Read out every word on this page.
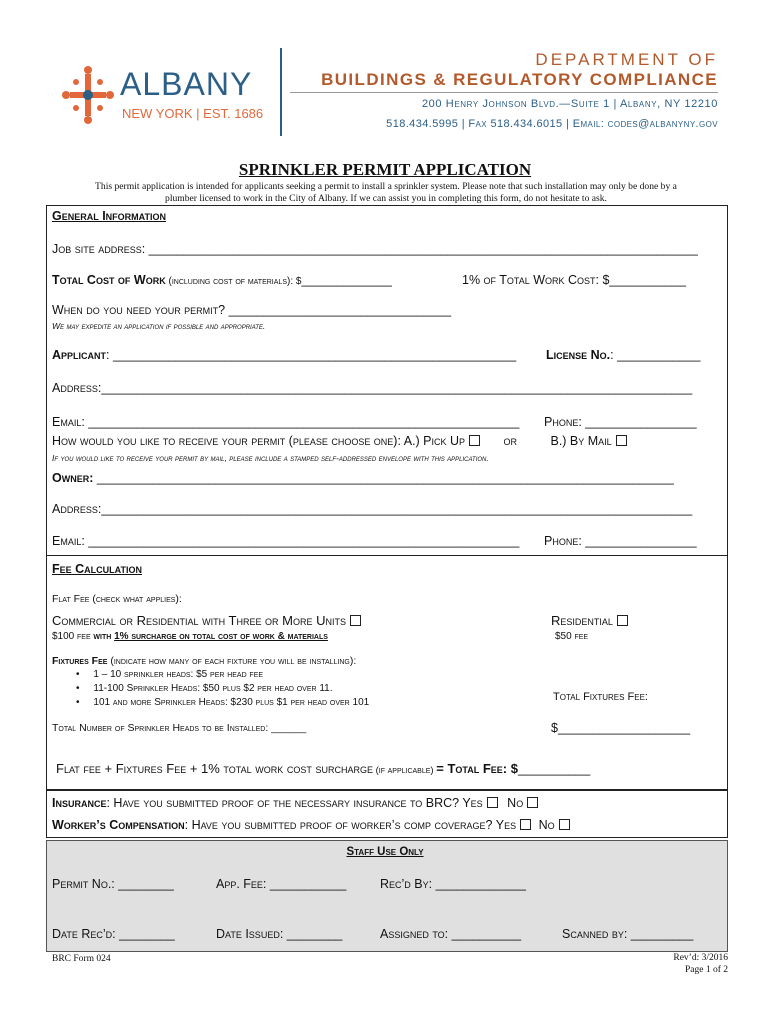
ALBANY
NEW YORK | EST. 1686
DEPARTMENT OF
BUILDINGS & REGULATORY COMPLIANCE
200 Henry Johnson Blvd.—Suite 1 | Albany, NY 12210
518.434.5995 | Fax 518.434.6015 | Email: codes@albanyny.gov
SPRINKLER PERMIT APPLICATION
This permit application is intended for applicants seeking a permit to install a sprinkler system. Please note that such installation may only be done by a
plumber licensed to work in the City of Albany. If we can assist you in completing this form, do not hesitate to ask.
General Information
Job site address: _______________________________________________________________________________
Total Cost of Work (including cost of materials): $_____________	1% of Total Work Cost: $___________
When do you need your permit? ________________________________
We may expedite an application if possible and appropriate.
Applicant: __________________________________________________________ License No.: ____________
Address:_____________________________________________________________________________________
Email: ______________________________________________________________ Phone: ________________
How would you like to receive your permit (please choose one): A.) Pick Up	or	B.) By Mail
If you would like to receive your permit by mail, please include a stamped self-addressed envelope with this application.
Owner: ___________________________________________________________________________________
Address:_____________________________________________________________________________________
Email: ______________________________________________________________ Phone: ________________
Fee Calculation
Flat Fee (check what applies):
Commercial or Residential with Three or More Units
$100 fee with 1% surcharge on total cost of work & materials
Residential
$50 fee
Fixtures Fee (indicate how many of each fixture you will be installing):
•     1 – 10 sprinkler heads: $5 per head fee
•     11-100 Sprinkler Heads: $50 plus $2 per head over 11.
•     101 and more Sprinkler Heads: $230 plus $1 per head over 101	Total Fixtures Fee:
Total Number of Sprinkler Heads to be Installed: ______	$___________________
Flat fee + Fixtures Fee + 1% total work cost surcharge (if applicable) = Total Fee: $__________
Insurance: Have you submitted proof of the necessary insurance to BRC? Yes No
Worker’s Compensation: Have you submitted proof of worker’s comp coverage? Yes No
Staff Use Only
Permit No.: ________	App. Fee: ___________	Rec’d By: _____________
Date Rec’d: ________	Date Issued: ________	Assigned to: __________	Scanned by: _________
BRC Form 024	Rev’d: 3/2016
Page 1 of 2
